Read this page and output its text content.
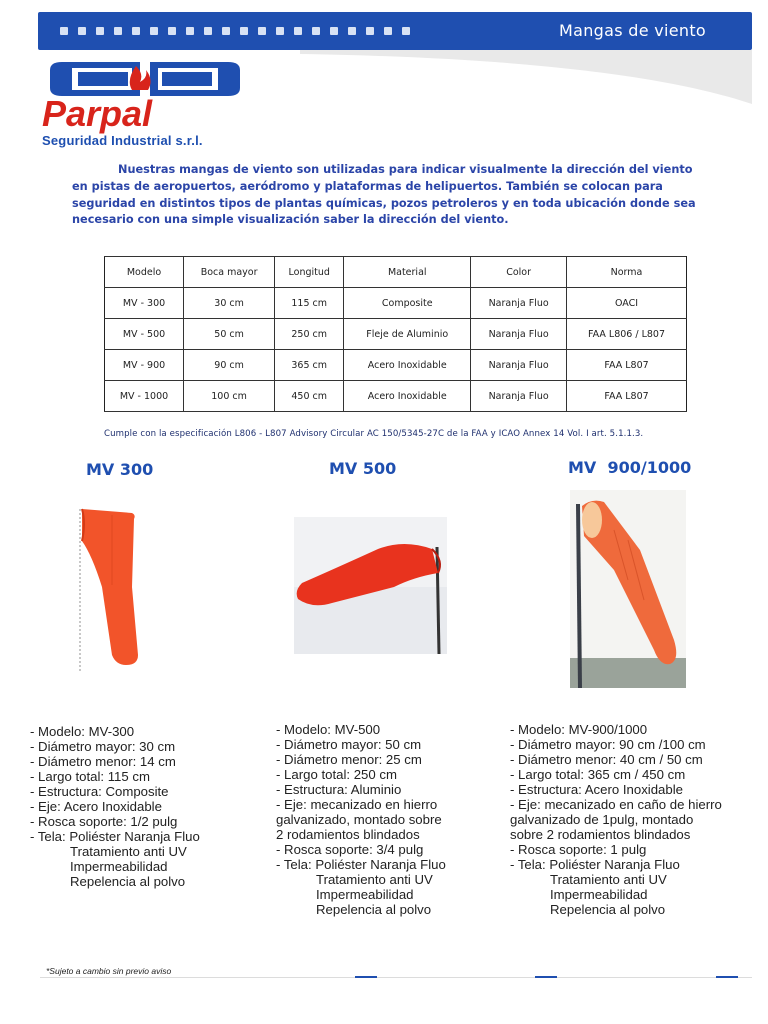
Mangas de viento
Parpal
Seguridad Industrial s.r.l.

Nuestras mangas de viento son utilizadas para indicar visualmente la dirección del viento en pistas de aeropuertos, aeródromo y plataformas de helipuertos. También se colocan para seguridad en distintos tipos de plantas químicas, pozos petroleros y en toda ubicación donde sea necesario con una simple visualización saber la dirección del viento.

Modelo	Boca mayor	Longitud	Material	Color	Norma
MV - 300	30 cm	115 cm	Composite	Naranja Fluo	OACI
MV - 500	50 cm	250 cm	Fleje de Aluminio	Naranja Fluo	FAA L806 / L807
MV - 900	90 cm	365 cm	Acero Inoxidable	Naranja Fluo	FAA L807
MV - 1000	100 cm	450 cm	Acero Inoxidable	Naranja Fluo	FAA L807
Cumple con la especificación L806 - L807 Advisory Circular AC 150/5345-27C de la FAA y ICAO Annex 14 Vol. I art. 5.1.1.3.
MV 300	MV 500	MV  900/1000
- Modelo: MV-300
- Diámetro mayor: 30 cm
- Diámetro menor: 14 cm
- Largo total: 115 cm
- Estructura: Composite
- Eje: Acero Inoxidable
- Rosca soporte: 1/2 pulg
- Tela: Poliéster Naranja Fluo
Tratamiento anti UV
Impermeabilidad
Repelencia al polvo
- Modelo: MV-500
- Diámetro mayor: 50 cm
- Diámetro menor: 25 cm
- Largo total: 250 cm
- Estructura: Aluminio
- Eje: mecanizado en hierro
galvanizado, montado sobre
2 rodamientos blindados
- Rosca soporte: 3/4 pulg
- Tela: Poliéster Naranja Fluo
Tratamiento anti UV
Impermeabilidad
Repelencia al polvo
- Modelo: MV-900/1000
- Diámetro mayor: 90 cm /100 cm
- Diámetro menor: 40 cm / 50 cm
- Largo total: 365 cm / 450 cm
- Estructura: Acero Inoxidable
- Eje: mecanizado en caño de hierro
galvanizado de 1pulg, montado
sobre 2 rodamientos blindados
- Rosca soporte: 1 pulg
- Tela: Poliéster Naranja Fluo
Tratamiento anti UV
Impermeabilidad
Repelencia al polvo
*Sujeto a cambio sin previo aviso
